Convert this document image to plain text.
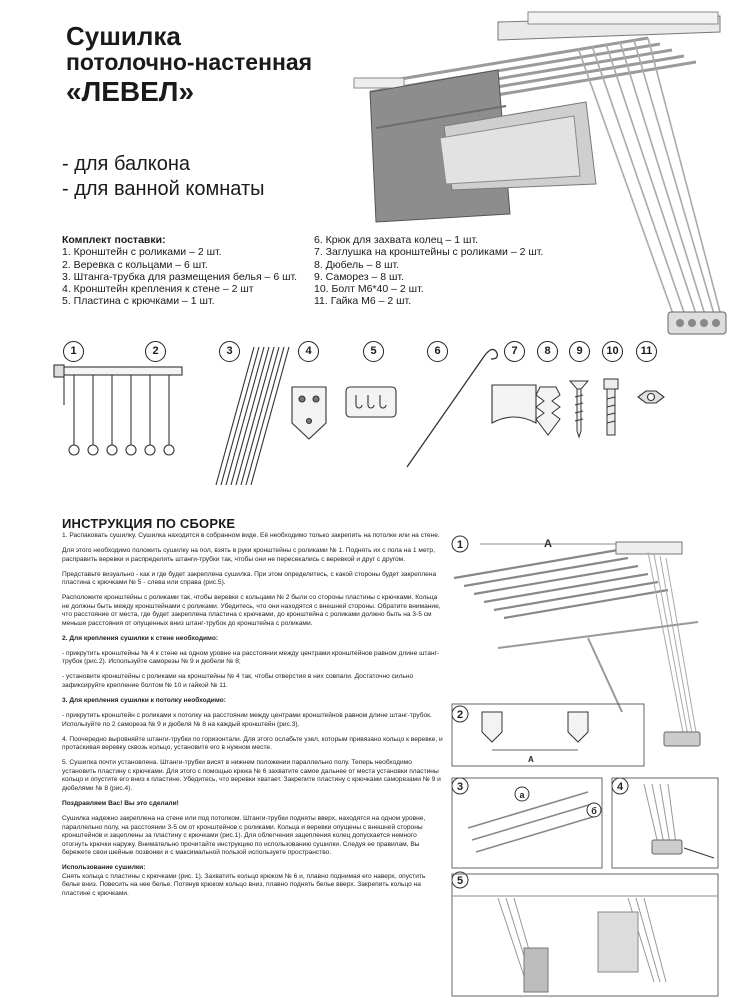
Сушилка
потолочно-настенная
«ЛЕВЕЛ»
- для балкона
- для ванной комнаты
Комплект поставки:
1. Кронштейн с роликами – 2 шт.
2. Веревка с кольцами – 6 шт.
3. Штанга-трубка для размещения белья – 6 шт.
4. Кронштейн крепления к стене – 2 шт
5. Пластина с крючками – 1 шт.
6. Крюк для захвата колец – 1 шт.
7. Заглушка на кронштейны с роликами – 2 шт.
8. Дюбель – 8 шт.
9. Саморез – 8 шт.
10. Болт М6*40 – 2 шт.
11. Гайка М6 – 2 шт.
1	2	3	4	5	6	7	8	9	10	11
ИНСТРУКЦИЯ ПО СБОРКЕ

1. Распаковать сушилку. Сушилка находится в собранном виде. Её необходимо только закрепить на потолке или на стене.

Для этого необходимо положить сушилку на пол, взять в руки кронштейны с роликами № 1. Поднять их с пола на 1 метр, расправить веревки и распределить штанги-трубки так, чтобы они не пересекались с веревкой и друг с другом.

Представьте визуально - как и где будет закреплена сушилка. При этом определитесь, с какой стороны будет закреплена пластина с крючками № 5 - слева или справа (рис.5).

Расположите кронштейны с роликами так, чтобы веревки с кольцами № 2 были со стороны пластины с крючками. Кольца не должны быть между кронштейнами с роликами. Убедитесь, что они находятся с внешней стороны. Обратите внимание, что расстояние от места, где будет закреплена пластина с крючками, до кронштейна с роликами должно быть на 3-5 см меньше расстояния от опущенных вниз штанг-трубок до кронштейна с роликами.

2. Для крепления сушилки к стене необходимо:

- прикрутить кронштейны № 4 к стене на одном уровне на расстоянии между центрами кронштейнов равном длине штанг-трубок (рис.2). Используйте саморезы № 9 и дюбели № 8;

- установите кронштейны с роликами на кронштейны № 4 так, чтобы отверстия в них совпали. Достаточно сильно зафиксируйте крепление болтом № 10 и гайкой № 11.

3. Для крепления сушилки к потолку необходимо:

- прикрутить кронштейн с роликами к потолку на расстоянии между центрами кронштейнов равном длине штанг-трубок. Используйте по 2 самореза № 9 и дюбеля № 8 на каждый кронштейн (рис.3).

4. Поочередно выровняйте штанги-трубки по горизонтали. Для этого ослабьте узел, которым привязано кольцо к веревке, и протаскивая веревку сквозь кольцо, установите его в нужном месте.

5. Сушилка почти установлена. Штанги-трубки висят в нижнем положении параллельно полу. Теперь необходимо установить пластину с крючками. Для этого с помощью крюка № 6 захватите самое дальнее от места установки пластины кольцо и опустите его вниз к пластине. Убедитесь, что веревки хватает. Закрепите пластину с крючками саморезами № 9 и дюбелями № 8 (рис.4).

Поздравляем Вас! Вы это сделали!

Сушилка надежно закреплена на стене или под потолком. Штанги-трубки подняты вверх, находятся на одном уровне, параллельно полу, на расстоянии 3-5 см от кронштейнов с роликами. Кольца и веревки опущены с внешней стороны кронштейнов и зацеплены за пластину с крючками (рис.1). Для облегчения зацепления колец допускается немного отогнуть крючки наружу. Внимательно прочитайте инструкцию по использованию сушилки. Следуя ее правилам, Вы бережете свои шейные позвонки и с максимальной пользой используете пространство.

Использование сушилки:

Снять кольца с пластины с крючками (рис. 1). Захватить кольцо крюком № 6 и, плавно поднимая его наверх, опустить белье вниз. Повесить на нее белье. Потянув крюком кольцо вниз, плавно поднять белье вверх. Закрепить кольцо на пластине с крючками.

1	A
2
A
3
а
б
4
5
